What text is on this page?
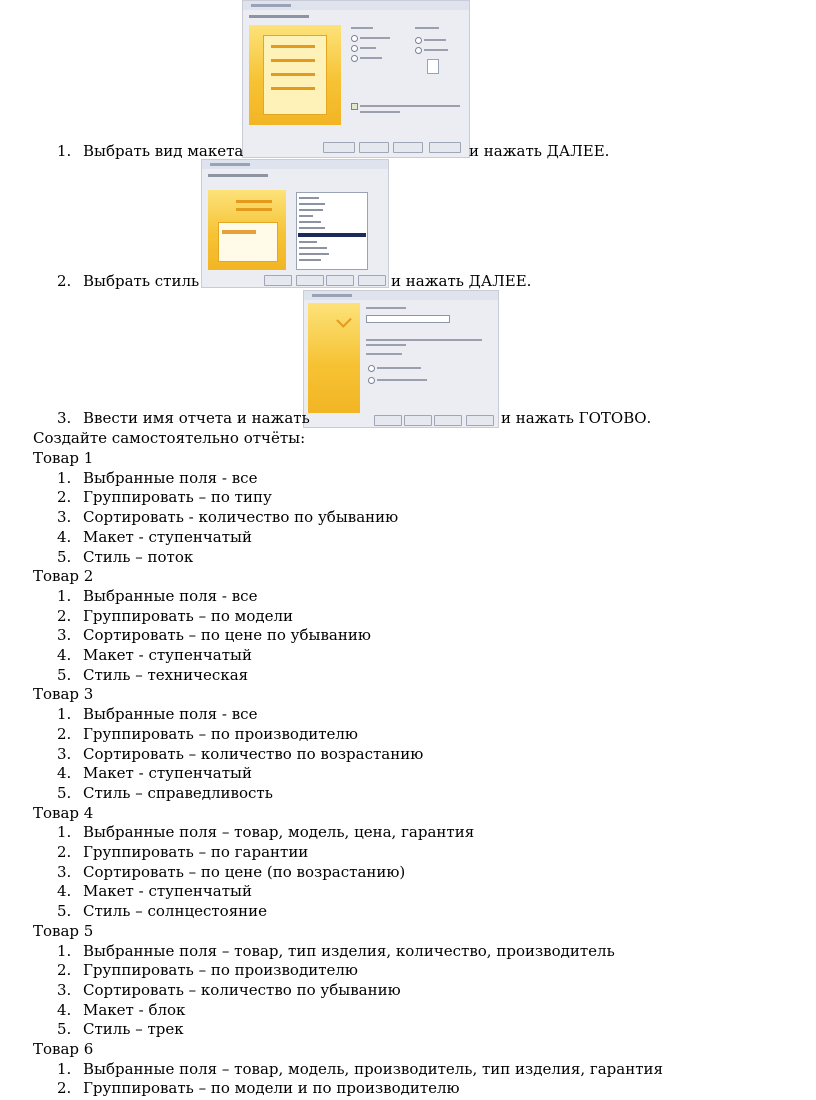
1. Выбрать вид макета	и нажать ДАЛЕЕ.
2. Выбрать стиль	и нажать ДАЛЕЕ.
3. Ввести имя отчета и нажать	и нажать ГОТОВО.
Создайте самостоятельно отчёты:
Товар 1
1. Выбранные поля - все
2. Группировать – по типу
3. Сортировать - количество по убыванию
4. Макет - ступенчатый
5. Стиль – поток
Товар 2
1. Выбранные поля - все
2. Группировать – по модели
3. Сортировать – по цене по убыванию
4. Макет - ступенчатый
5. Стиль – техническая
Товар 3
1. Выбранные поля - все
2. Группировать – по производителю
3. Сортировать – количество по возрастанию
4. Макет - ступенчатый
5. Стиль – справедливость
Товар 4
1. Выбранные поля – товар, модель, цена, гарантия
2. Группировать – по гарантии
3. Сортировать – по цене (по возрастанию)
4. Макет - ступенчатый
5. Стиль – солнцестояние
Товар 5
1. Выбранные поля – товар, тип изделия, количество, производитель
2. Группировать – по производителю
3. Сортировать – количество по убыванию
4. Макет - блок
5. Стиль – трек
Товар 6
1. Выбранные поля – товар, модель, производитель, тип изделия, гарантия
2. Группировать – по модели и по производителю
